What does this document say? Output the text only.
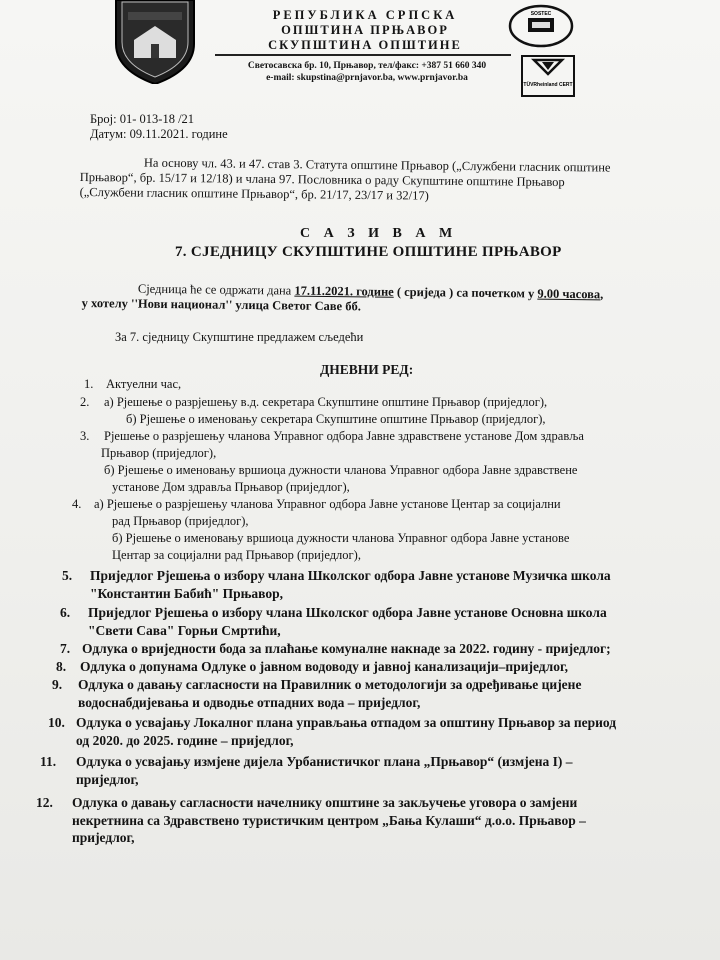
РЕПУБЛИКА СРПСКА
ОПШТИНА ПРЊАВОР
СКУПШТИНА ОПШТИНЕ
Светосавска бр. 10, Прњавор, тел/факс: +387 51 660 340
e-mail: skupstina@prnjavor.ba, www.prnjavor.ba
SOSTEC
TÜVRheinland CERT
Број: 01- 013-18 /21
Датум: 09.11.2021. године
На основу чл. 43. и 47. став 3. Статута општине Прњавор („Службени гласник општине
Прњавор“, бр. 15/17 и 12/18) и члана 97. Пословника о раду Скупштине општине Прњавор
(„Службени гласник општине Прњавор“, бр. 21/17, 23/17 и 32/17)
С А З И В А М
7. СЈЕДНИЦУ СКУПШТИНЕ ОПШТИНЕ ПРЊАВОР
Сједница ће се одржати дана 17.11.2021. године ( сриједа ) са почетком у 9.00 часова,
у хотелу ''Нови национал'' улица Светог Саве бб.
За 7. сједницу Скупштине предлажем сљедећи
ДНЕВНИ РЕД:
1. Актуелни час,
2. а) Рјешење о разрјешењу в.д. секретара Скупштине општине Прњавор (приједлог),
б) Рјешење о именовању секретара Скупштине општине Прњавор (приједлог),
3. Рјешење о разрјешењу чланова Управног одбора Јавне здравствене установе Дом здравља
Прњавор (приједлог),
б) Рјешење о именовању вршиоца дужности чланова Управног одбора Јавне здравствене
установе Дом здравља Прњавор (приједлог),
4. а) Рјешење о разрјешењу чланова Управног одбора Јавне установе Центар за социјални
рад Прњавор (приједлог),
б) Рјешење о именовању вршиоца дужности чланова Управног одбора Јавне установе
Центар за социјални рад Прњавор (приједлог),
5. Приједлог Рјешења о избору члана Школског одбора Јавне установе Музичка школа
"Константин Бабић" Прњавор,
6. Приједлог Рјешења о избору члана Школског одбора Јавне установе Основна школа
"Свети Сава" Горњи Смртићи,
7. Одлука о вриједности бода за плаћање комуналне накнаде за 2022. годину - приједлог;
8. Одлука о допунама Одлуке о јавном водоводу и јавној канализацији–приједлог,
9. Одлука о давању сагласности на Правилник о методологији за одређивање цијене
водоснабдијевања и одводње отпадних вода – приједлог,
10. Одлука о усвајању Локалног плана управљања отпадом за општину Прњавор за период
од 2020. до 2025. године – приједлог,
11. Одлука о усвајању измјене дијела Урбанистичког плана „Прњавор“ (измјена I) –
приједлог,
12. Одлука о давању сагласности начелнику општине за закључење уговора о замјени
некретнина са Здравствено туристичким центром „Бања Кулаши“ д.о.о. Прњавор –
приједлог,
